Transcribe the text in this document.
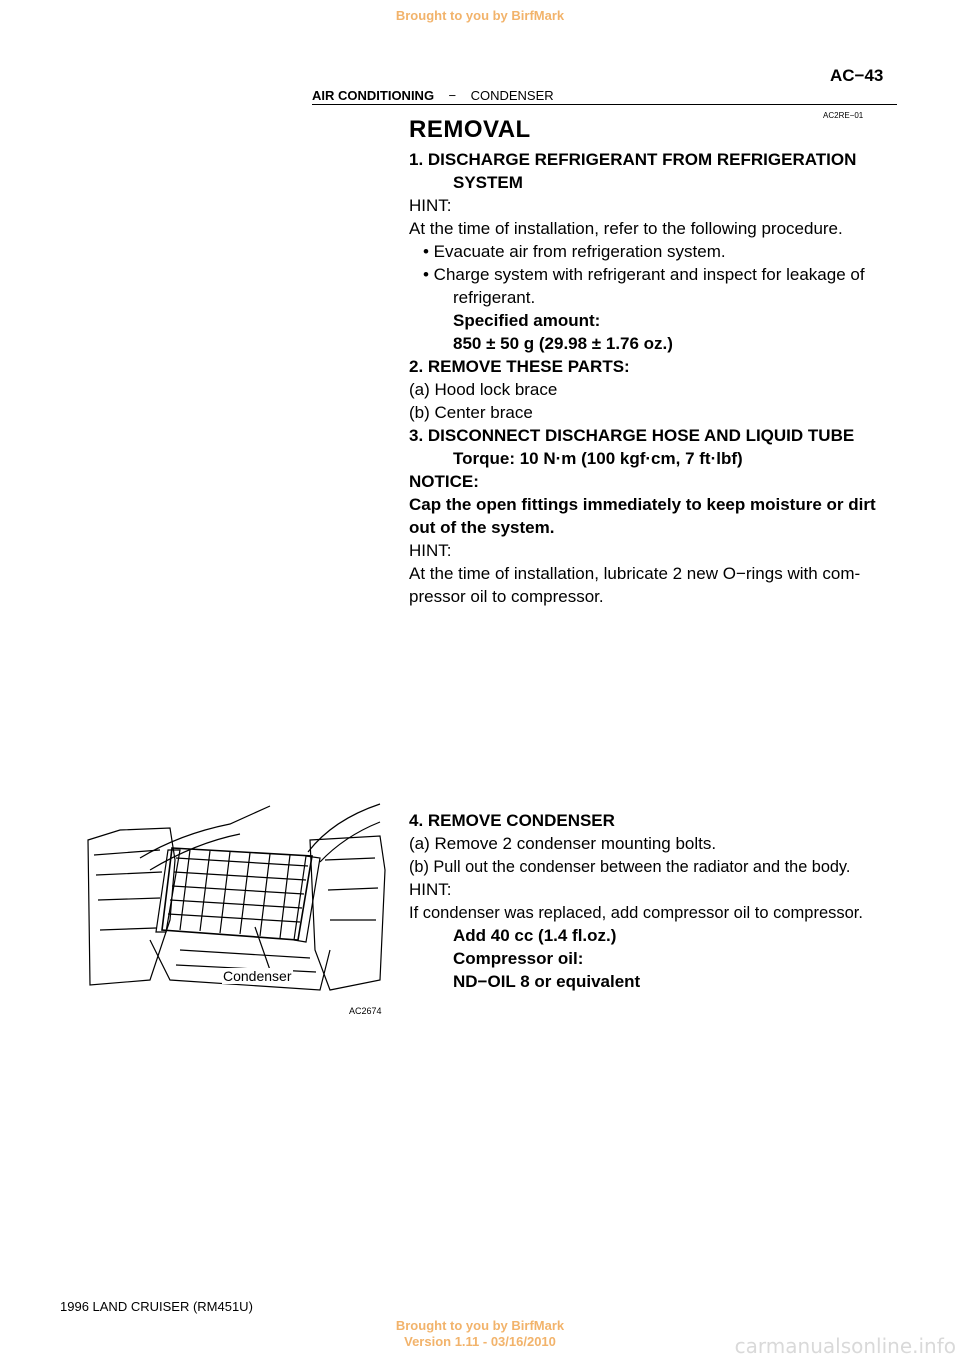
Brought to you by BirfMark
AC−43
AIR CONDITIONING − CONDENSER
AC2RE−01
REMOVAL
1. DISCHARGE REFRIGERANT FROM REFRIGERATION
SYSTEM
HINT:
At the time of installation, refer to the following procedure.
• Evacuate air from refrigeration system.
• Charge system with refrigerant and inspect for leakage of
refrigerant.
Specified amount:
850 ± 50 g (29.98 ± 1.76 oz.)
2. REMOVE THESE PARTS:
(a) Hood lock brace
(b) Center brace
3. DISCONNECT DISCHARGE HOSE AND LIQUID TUBE
Torque: 10 N·m (100 kgf·cm, 7 ft·lbf)
NOTICE:
Cap the open fittings immediately to keep moisture or dirt
out of the system.
HINT:
At the time of installation, lubricate 2 new O−rings with com-
pressor oil to compressor.
4. REMOVE CONDENSER
(a) Remove 2 condenser mounting bolts.
(b) Pull out the condenser between the radiator and the body.
HINT:
If condenser was replaced, add compressor oil to compressor.
Add 40 cc (1.4 fl.oz.)
Compressor oil:
ND−OIL 8 or equivalent
Condenser
AC2674
1996 LAND CRUISER (RM451U)
Brought to you by BirfMark
Version 1.11 - 03/16/2010	carmanualsonline.info
